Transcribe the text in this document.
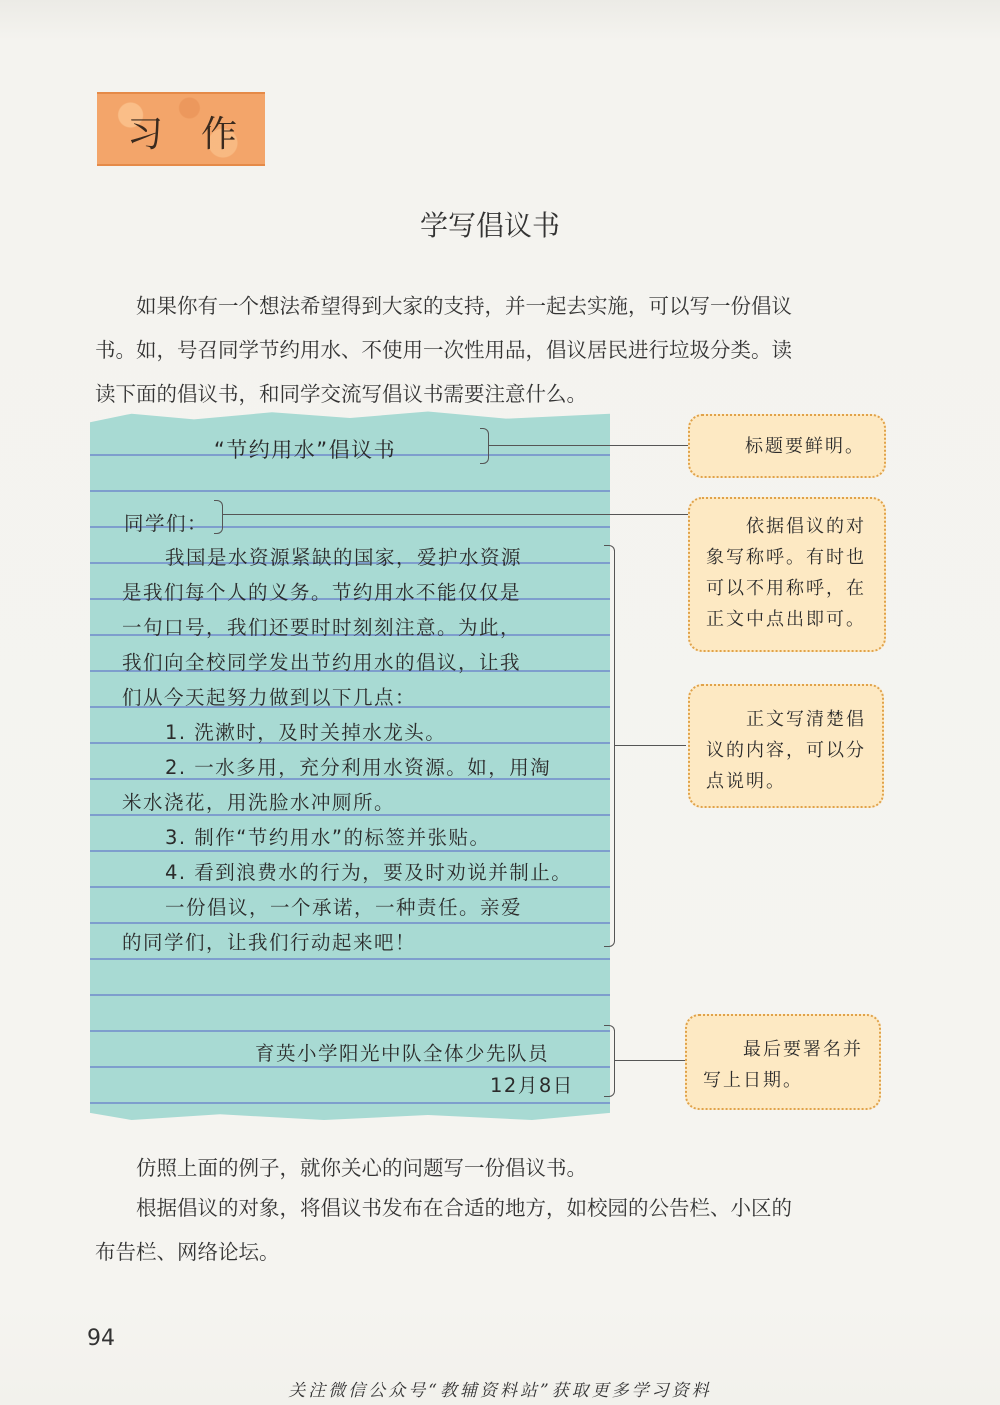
习 作
学写倡议书

如果你有一个想法希望得到大家的支持，并一起去实施，可以写一份倡议

书。如，号召同学节约用水、不使用一次性用品，倡议居民进行垃圾分类。读

读下面的倡议书，和同学交流写倡议书需要注意什么。

“节约用水”倡议书
同学们：
我国是水资源紧缺的国家，爱护水资源
是我们每个人的义务。节约用水不能仅仅是
一句口号，我们还要时时刻刻注意。为此，
我们向全校同学发出节约用水的倡议，让我
们从今天起努力做到以下几点：
1. 洗漱时，及时关掉水龙头。
2. 一水多用，充分利用水资源。如，用淘
米水浇花，用洗脸水冲厕所。
3. 制作“节约用水”的标签并张贴。
4. 看到浪费水的行为，要及时劝说并制止。
一份倡议，一个承诺，一种责任。亲爱
的同学们，让我们行动起来吧！
育英小学阳光中队全体少先队员
12月8日
标题要鲜明。
依据倡议的对
象写称呼。有时也
可以不用称呼，在
正文中点出即可。
正文写清楚倡
议的内容，可以分
点说明。
最后要署名并
写上日期。

仿照上面的例子，就你关心的问题写一份倡议书。

根据倡议的对象，将倡议书发布在合适的地方，如校园的公告栏、小区的

布告栏、网络论坛。

94
关注微信公众号“教辅资料站”获取更多学习资料
